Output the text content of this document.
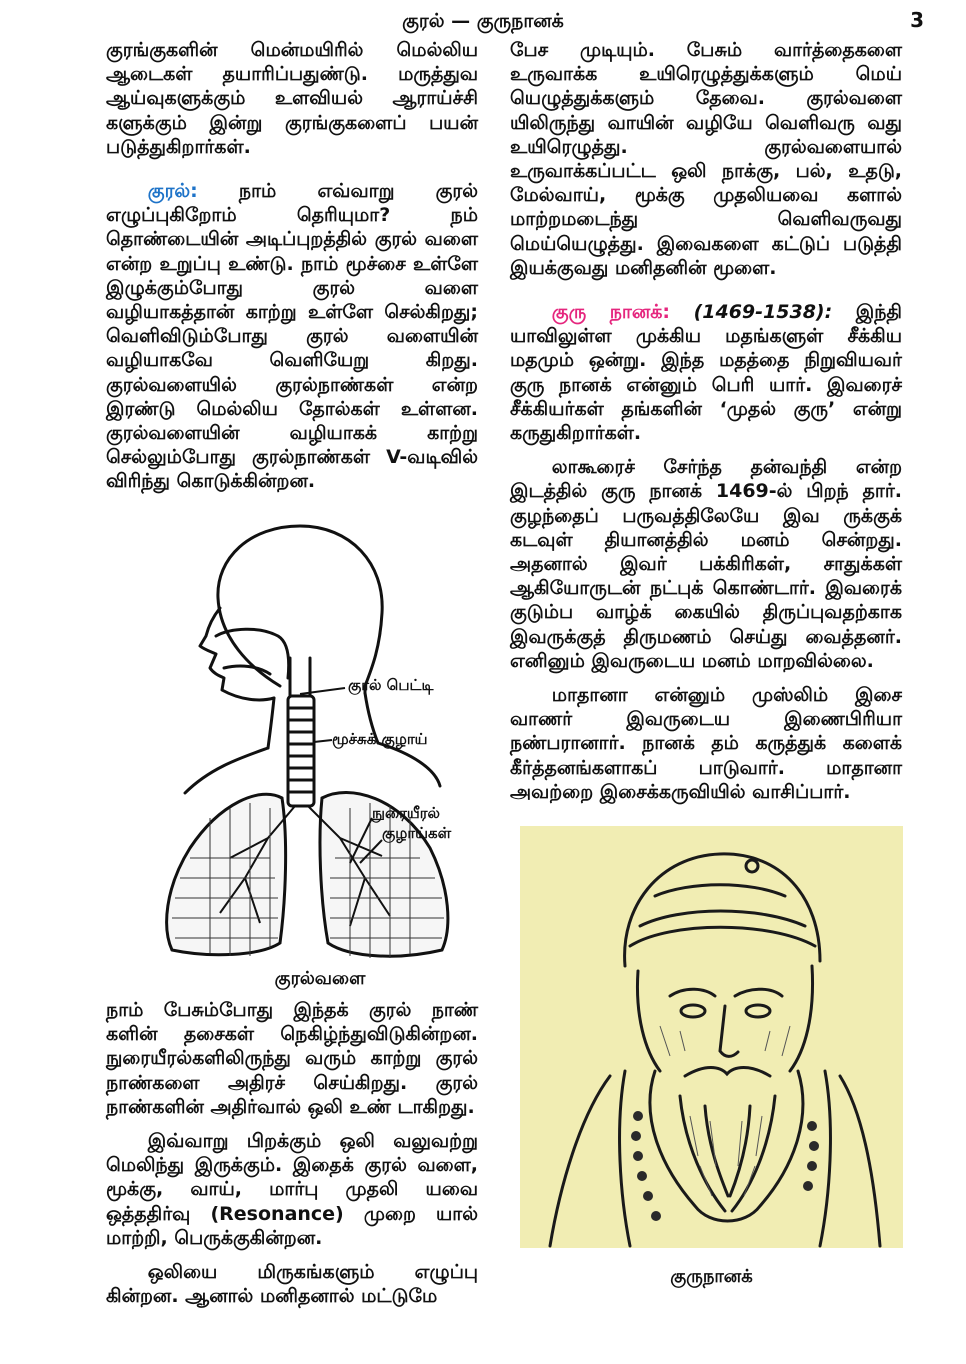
குரல் — குருநானக்	3

குரங்குகளின் மென்மயிரில் மெல்லிய ஆடைகள் தயாரிப்பதுண்டு. மருத்துவ ஆய்வுகளுக்கும் உளவியல் ஆராய்ச்சி களுக்கும் இன்று குரங்குகளைப் பயன் படுத்துகிறார்கள்.

குரல்: நாம் எவ்வாறு குரல் எழுப்புகிறோம் தெரியுமா? நம் தொண்டையின் அடிப்புறத்தில் குரல் வளை என்ற உறுப்பு உண்டு. நாம் மூச்சை உள்ளே இழுக்கும்போது குரல் வளை வழியாகத்தான் காற்று உள்ளே செல்கிறது; வெளிவிடும்போது குரல் வளையின் வழியாகவே வெளியேறு கிறது. குரல்வளையில் குரல்நாண்கள் என்ற இரண்டு மெல்லிய தோல்கள் உள்ளன. குரல்வளையின் வழியாகக் காற்று செல்லும்போது குரல்நாண்கள் V-வடிவில் விரிந்து கொடுக்கின்றன.

குரல் பெட்டி
மூச்சுக் குழாய்
நுரையீரல்
குழாய்கள்
குரல்வளை

நாம் பேசும்போது இந்தக் குரல் நாண் களின் தசைகள் நெகிழ்ந்துவிடுகின்றன. நுரையீரல்களிலிருந்து வரும் காற்று குரல் நாண்களை அதிரச் செய்கிறது. குரல் நாண்களின் அதிர்வால் ஒலி உண் டாகிறது.

இவ்வாறு பிறக்கும் ஒலி வலுவற்று மெலிந்து இருக்கும். இதைக் குரல் வளை, மூக்கு, வாய், மார்பு முதலி யவை ஒத்ததிர்வு (Resonance) முறை யால் மாற்றி, பெருக்குகின்றன.

ஒலியை மிருகங்களும் எழுப்பு கின்றன. ஆனால் மனிதனால் மட்டுமே

பேச முடியும். பேசும் வார்த்தைகளை உருவாக்க உயிரெழுத்துக்களும் மெய் யெழுத்துக்களும் தேவை. குரல்வளை யிலிருந்து வாயின் வழியே வெளிவரு வது உயிரெழுத்து. குரல்வளையால் உருவாக்கப்பட்ட ஒலி நாக்கு, பல், உதடு, மேல்வாய், மூக்கு முதலியவை களால் மாற்றமடைந்து வெளிவருவது மெய்யெழுத்து. இவைகளை கட்டுப் படுத்தி இயக்குவது மனிதனின் மூளை.

குரு நானக்: (1469-1538): இந்தி யாவிலுள்ள முக்கிய மதங்களுள் சீக்கிய மதமும் ஒன்று. இந்த மதத்தை நிறுவியவர் குரு நானக் என்னும் பெரி யார். இவரைச் சீக்கியர்கள் தங்களின் ‘முதல் குரு’ என்று கருதுகிறார்கள்.

லாகூரைச் சேர்ந்த தன்வந்தி என்ற இடத்தில் குரு நானக் 1469-ல் பிறந் தார். குழந்தைப் பருவத்திலேயே இவ ருக்குக் கடவுள் தியானத்தில் மனம் சென்றது. அதனால் இவர் பக்கிரிகள், சாதுக்கள் ஆகியோருடன் நட்புக் கொண்டார். இவரைக் குடும்ப வாழ்க் கையில் திருப்புவதற்காக இவருக்குத் திருமணம் செய்து வைத்தனர். எனினும் இவருடைய மனம் மாறவில்லை.

மாதானா என்னும் முஸ்லிம் இசை வாணர் இவருடைய இணைபிரியா நண்பரானார். நானக் தம் கருத்துக் களைக் கீர்த்தனங்களாகப் பாடுவார். மாதானா அவற்றை இசைக்கருவியில் வாசிப்பார்.

குருநானக்
